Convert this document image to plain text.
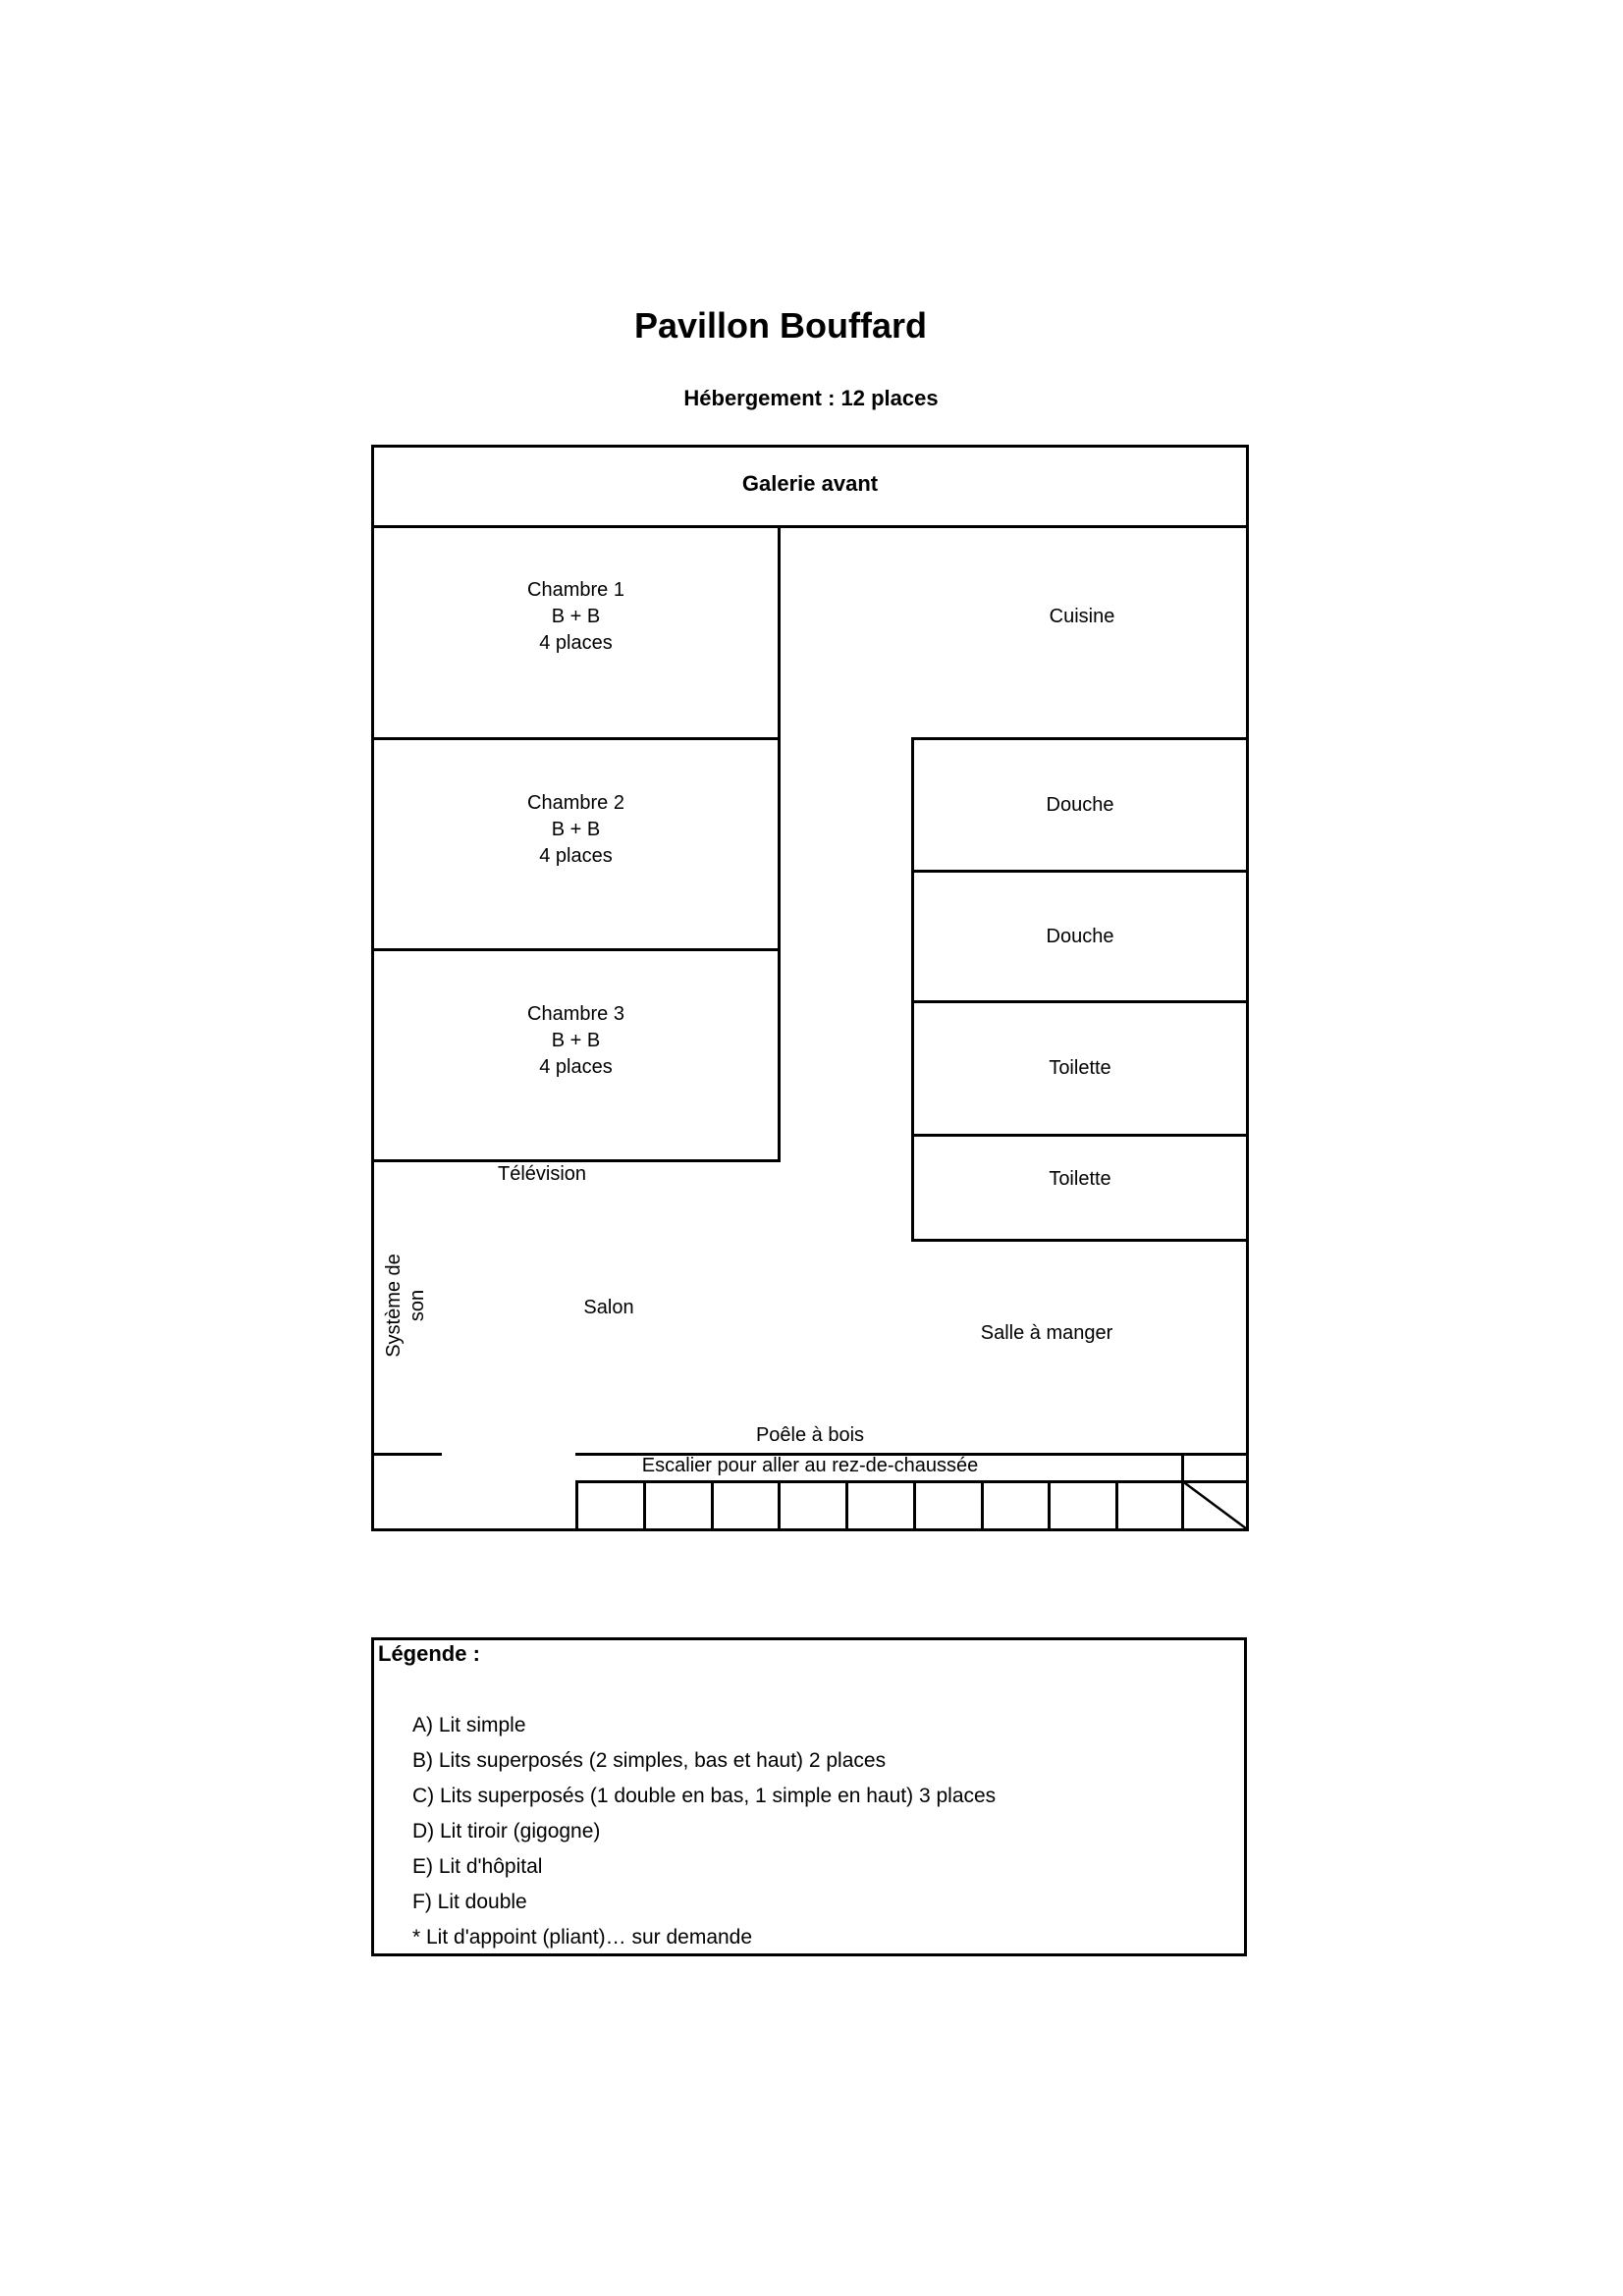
Pavillon Bouffard
Hébergement : 12 places
Galerie avant
Chambre 1
B + B
4 places
Chambre 2
B + B
4 places
Chambre 3
B + B
4 places
Cuisine
Douche
Douche
Toilette
Toilette
Télévision
Système de son	Salon
Salle à manger
Poêle à bois
Escalier pour aller au rez-de-chaussée
Légende :
A) Lit simple
B) Lits superposés (2 simples, bas et haut) 2 places
C) Lits superposés (1 double en bas, 1 simple en haut) 3 places
D) Lit tiroir (gigogne)
E) Lit d'hôpital
F) Lit double
* Lit d'appoint (pliant)… sur demande
